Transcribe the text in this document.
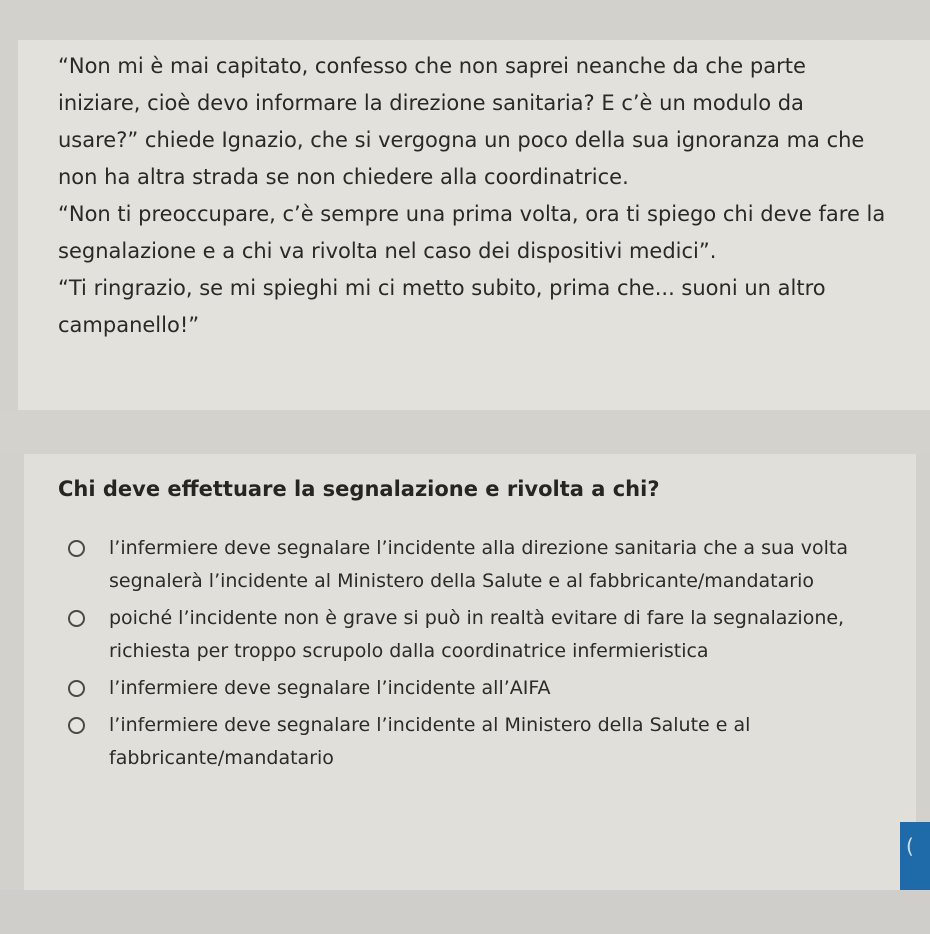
“Non mi è mai capitato, confesso che non saprei neanche da che parte iniziare, cioè devo informare la direzione sanitaria? E c’è un modulo da usare?” chiede Ignazio, che si vergogna un poco della sua ignoranza ma che non ha altra strada se non chiedere alla coordinatrice.

“Non ti preoccupare, c’è sempre una prima volta, ora ti spiego chi deve fare la segnalazione e a chi va rivolta nel caso dei dispositivi medici”.

“Ti ringrazio, se mi spieghi mi ci metto subito, prima che... suoni un altro campanello!”

Chi deve effettuare la segnalazione e rivolta a chi?

l’infermiere deve segnalare l’incidente alla direzione sanitaria che a sua volta segnalerà l’incidente al Ministero della Salute e al fabbricante/mandatario
poiché l’incidente non è grave si può in realtà evitare di fare la segnalazione, richiesta per troppo scrupolo dalla coordinatrice infermieristica
l’infermiere deve segnalare l’incidente all’AIFA
l’infermiere deve segnalare l’incidente al Ministero della Salute e al fabbricante/mandatario
(
